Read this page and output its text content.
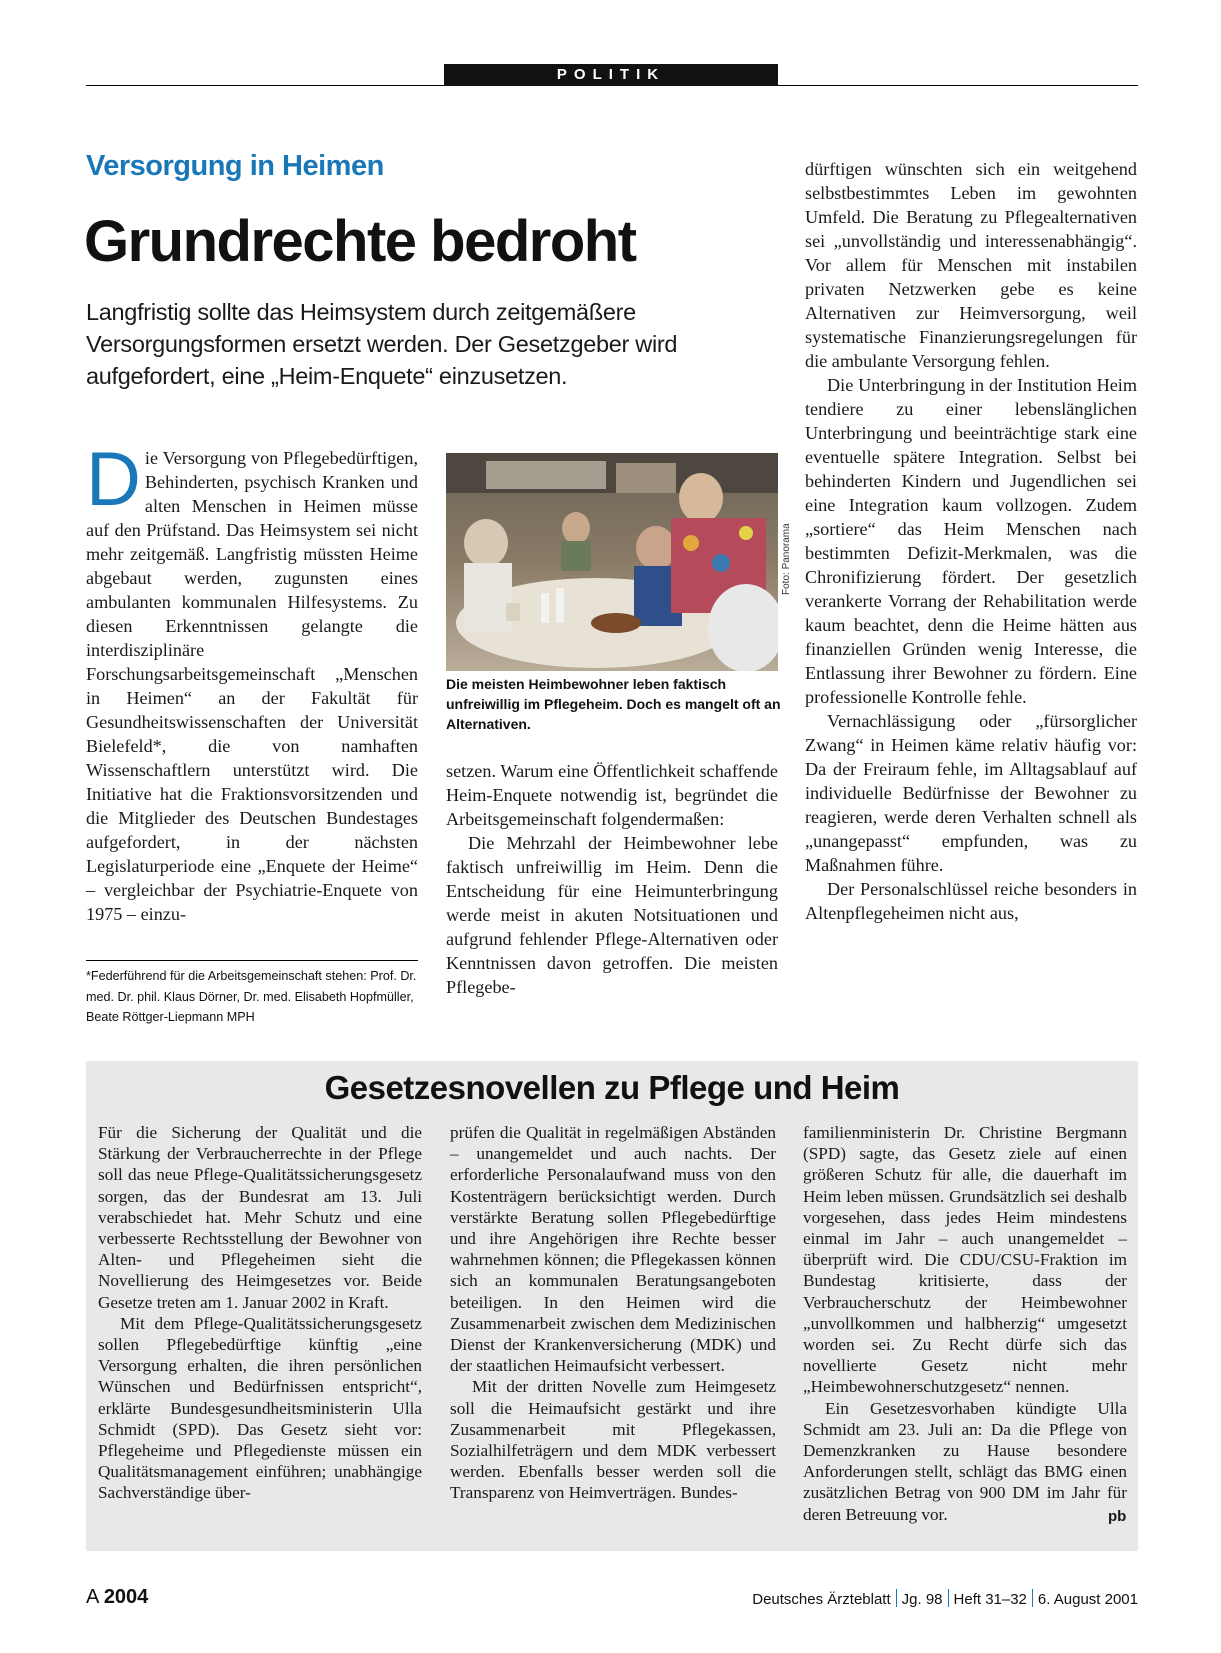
POLITIK
Versorgung in Heimen
Grundrechte bedroht
Langfristig sollte das Heimsystem durch zeitgemäßere Versorgungsformen ersetzt werden. Der Gesetzgeber wird aufgefordert, eine „Heim-Enquete“ einzusetzen.

Die Versorgung von Pflegebedürftigen, Behinderten, psychisch Kranken und alten Menschen in Heimen müsse auf den Prüfstand. Das Heimsystem sei nicht mehr zeitgemäß. Langfristig müssten Heime abgebaut werden, zugunsten eines ambulanten kommunalen Hilfesystems. Zu diesen Erkenntnissen gelangte die interdisziplinäre Forschungsarbeitsgemeinschaft „Menschen in Heimen“ an der Fakultät für Gesundheitswissenschaften der Universität Bielefeld*, die von namhaften Wissenschaftlern unterstützt wird. Die Initiative hat die Fraktionsvorsitzenden und die Mitglieder des Deutschen Bundestages aufgefordert, in der nächsten Legislaturperiode eine „Enquete der Heime“ – vergleichbar der Psychiatrie-Enquete von 1975 – einzu-

Foto: Panorama
Die meisten Heimbewohner leben faktisch unfreiwillig im Pflegeheim. Doch es mangelt oft an Alternativen.

setzen. Warum eine Öffentlichkeit schaffende Heim-Enquete notwendig ist, begründet die Arbeitsgemeinschaft folgendermaßen:

Die Mehrzahl der Heimbewohner lebe faktisch unfreiwillig im Heim. Denn die Entscheidung für eine Heimunterbringung werde meist in akuten Notsituationen und aufgrund fehlender Pflege-Alternativen oder Kenntnissen davon getroffen. Die meisten Pflegebe-

dürftigen wünschten sich ein weitgehend selbstbestimmtes Leben im gewohnten Umfeld. Die Beratung zu Pflegealternativen sei „unvollständig und interessenabhängig“. Vor allem für Menschen mit instabilen privaten Netzwerken gebe es keine Alternativen zur Heimversorgung, weil systematische Finanzierungsregelungen für die ambulante Versorgung fehlen.

Die Unterbringung in der Institution Heim tendiere zu einer lebenslänglichen Unterbringung und beeinträchtige stark eine eventuelle spätere Integration. Selbst bei behinderten Kindern und Jugendlichen sei eine Integration kaum vollzogen. Zudem „sortiere“ das Heim Menschen nach bestimmten Defizit-Merkmalen, was die Chronifizierung fördert. Der gesetzlich verankerte Vorrang der Rehabilitation werde kaum beachtet, denn die Heime hätten aus finanziellen Gründen wenig Interesse, die Entlassung ihrer Bewohner zu fördern. Eine professionelle Kontrolle fehle.

Vernachlässigung oder „fürsorglicher Zwang“ in Heimen käme relativ häufig vor: Da der Freiraum fehle, im Alltagsablauf auf individuelle Bedürfnisse der Bewohner zu reagieren, werde deren Verhalten schnell als „unangepasst“ empfunden, was zu Maßnahmen führe.

Der Personalschlüssel reiche besonders in Altenpflegeheimen nicht aus,

*Federführend für die Arbeitsgemeinschaft stehen: Prof. Dr. med. Dr. phil. Klaus Dörner, Dr. med. Elisabeth Hopfmüller, Beate Röttger-Liepmann MPH
Gesetzesnovellen zu Pflege und Heim

Für die Sicherung der Qualität und die Stärkung der Verbraucherrechte in der Pflege soll das neue Pflege-Qualitätssicherungsgesetz sorgen, das der Bundesrat am 13. Juli verabschiedet hat. Mehr Schutz und eine verbesserte Rechtsstellung der Bewohner von Alten- und Pflegeheimen sieht die Novellierung des Heimgesetzes vor. Beide Gesetze treten am 1. Januar 2002 in Kraft.

Mit dem Pflege-Qualitätssicherungsgesetz sollen Pflegebedürftige künftig „eine Versorgung erhalten, die ihren persönlichen Wünschen und Bedürfnissen entspricht“, erklärte Bundesgesundheitsministerin Ulla Schmidt (SPD). Das Gesetz sieht vor: Pflegeheime und Pflegedienste müssen ein Qualitätsmanagement einführen; unabhängige Sachverständige über-

prüfen die Qualität in regelmäßigen Abständen – unangemeldet und auch nachts. Der erforderliche Personalaufwand muss von den Kostenträgern berücksichtigt werden. Durch verstärkte Beratung sollen Pflegebedürftige und ihre Angehörigen ihre Rechte besser wahrnehmen können; die Pflegekassen können sich an kommunalen Beratungsangeboten beteiligen. In den Heimen wird die Zusammenarbeit zwischen dem Medizinischen Dienst der Krankenversicherung (MDK) und der staatlichen Heimaufsicht verbessert.

Mit der dritten Novelle zum Heimgesetz soll die Heimaufsicht gestärkt und ihre Zusammenarbeit mit Pflegekassen, Sozialhilfeträgern und dem MDK verbessert werden. Ebenfalls besser werden soll die Transparenz von Heimverträgen. Bundes-

familienministerin Dr. Christine Bergmann (SPD) sagte, das Gesetz ziele auf einen größeren Schutz für alle, die dauerhaft im Heim leben müssen. Grundsätzlich sei deshalb vorgesehen, dass jedes Heim mindestens einmal im Jahr – auch unangemeldet – überprüft wird. Die CDU/CSU-Fraktion im Bundestag kritisierte, dass der Verbraucherschutz der Heimbewohner „unvollkommen und halbherzig“ umgesetzt worden sei. Zu Recht dürfe sich das novellierte Gesetz nicht mehr „Heimbewohnerschutzgesetz“ nennen.

Ein Gesetzesvorhaben kündigte Ulla Schmidt am 23. Juli an: Da die Pflege von Demenzkranken zu Hause besondere Anforderungen stellt, schlägt das BMG einen zusätzlichen Betrag von 900 DM im Jahr für deren Betreuung vor.	pb
A 2004	Deutsches Ärzteblatt Jg. 98 Heft 31–32 6. August 2001
